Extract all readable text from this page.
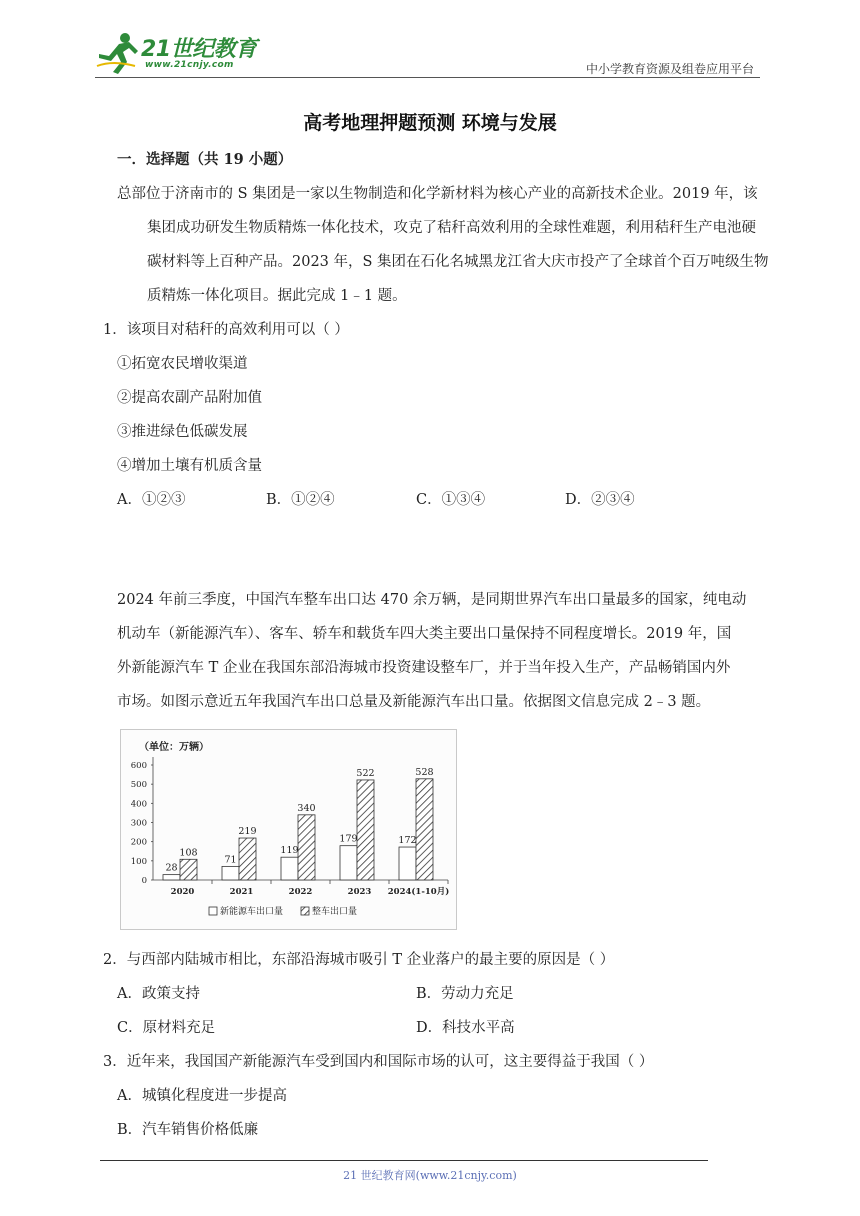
21世纪教育
www.21cnjy.com	中小学教育资源及组卷应用平台
高考地理押题预测 环境与发展
一．选择题（共 19 小题）
总部位于济南市的 S 集团是一家以生物制造和化学新材料为核心产业的高新技术企业。2019 年，该
集团成功研发生物质精炼一体化技术，攻克了秸秆高效利用的全球性难题，利用秸秆生产电池硬
碳材料等上百种产品。2023 年，S 集团在石化名城黑龙江省大庆市投产了全球首个百万吨级生物
质精炼一体化项目。据此完成 1﹣1 题。
1．该项目对秸秆的高效利用可以（ ）
①拓宽农民增收渠道
②提高农副产品附加值
③推进绿色低碳发展
④增加土壤有机质含量
A．①②③	B．①②④	C．①③④	D．②③④
2024 年前三季度，中国汽车整车出口达 470 余万辆，是同期世界汽车出口量最多的国家，纯电动
机动车（新能源汽车）、客车、轿车和载货车四大类主要出口量保持不同程度增长。2019 年，国
外新能源汽车 T 企业在我国东部沿海城市投资建设整车厂，并于当年投入生产，产品畅销国内外
市场。如图示意近五年我国汽车出口总量及新能源汽车出口量。依据图文信息完成 2﹣3 题。
（单位：万辆）
0
100
200
300
400
500
600
28
108
2020
71
219
2021
119
340
2022
179
522
2023
172
528
2024(1-10月)
新能源车出口量	整车出口量
2．与西部内陆城市相比，东部沿海城市吸引 T 企业落户的最主要的原因是（ ）
A．政策支持	B．劳动力充足
C．原材料充足	D．科技水平高
3．近年来，我国国产新能源汽车受到国内和国际市场的认可，这主要得益于我国（ ）
A．城镇化程度进一步提高
B．汽车销售价格低廉
21 世纪教育网(www.21cnjy.com)
